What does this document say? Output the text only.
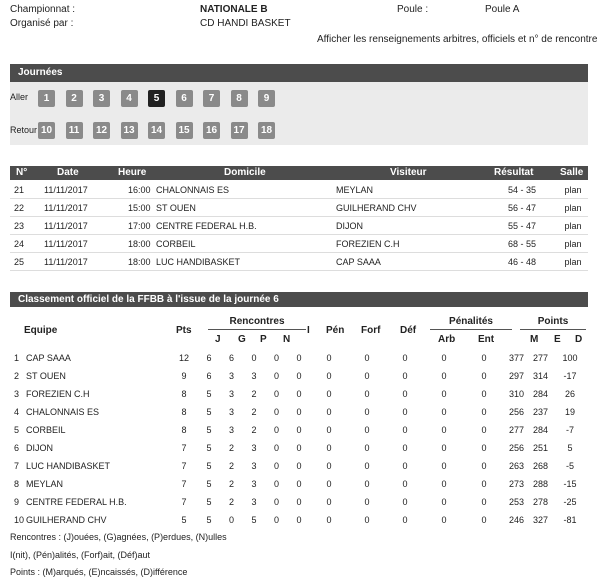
Championnat :	NATIONALE B	Poule :	Poule A
Organisé par :	CD HANDI BASKET
Afficher les renseignements arbitres, officiels et n° de rencontre
Journées
Aller
Retour
1	2	3	4	5	6	7	8	9
10	11	12 13 14 15 16 17 18
N°	Date	Heure	Domicile	Visiteur	Résultat	Salle
21	11/11/2017	16:00	CHALONNAIS ES	MEYLAN	54 - 35	plan
22	11/11/2017	15:00	ST OUEN	GUILHERAND CHV	56 - 47	plan
23	11/11/2017	17:00	CENTRE FEDERAL H.B.	DIJON	55 - 47	plan
24	11/11/2017	18:00	CORBEIL	FOREZIEN C.H	68 - 55	plan
25	11/11/2017	18:00	LUC HANDIBASKET	CAP SAAA	46 - 48	plan
Classement officiel de la FFBB à l'issue de la journée 6
Equipe	Pts
Rencontres
J G P N
I Pén Forf Déf
Pénalités
Arb Ent
Points
M E D
1 CAP SAAA	12	6	6	0	0	0	0	0	0	0	0	377	277	100
2 ST OUEN	9	6	3	3	0	0	0	0	0	0	0	297	314	-17
3 FOREZIEN C.H	8	5	3	2	0	0	0	0	0	0	0	310	284	26
4 CHALONNAIS ES	8	5	3	2	0	0	0	0	0	0	0	256	237	19
5 CORBEIL	8	5	3	2	0	0	0	0	0	0	0	277	284	-7
6 DIJON	7	5	2	3	0	0	0	0	0	0	0	256	251	5
7 LUC HANDIBASKET	7	5	2	3	0	0	0	0	0	0	0	263	268	-5
8 MEYLAN	7	5	2	3	0	0	0	0	0	0	0	273	288	-15
9 CENTRE FEDERAL H.B.	7	5	2	3	0	0	0	0	0	0	0	253	278	-25
10 GUILHERAND CHV	5	5	0	5	0	0	0	0	0	0	0	246	327	-81
Rencontres : (J)ouées, (G)agnées, (P)erdues, (N)ulles
I(nit), (Pén)alités, (Forf)ait, (Déf)aut
Points : (M)arqués, (E)ncaissés, (D)ifférence
